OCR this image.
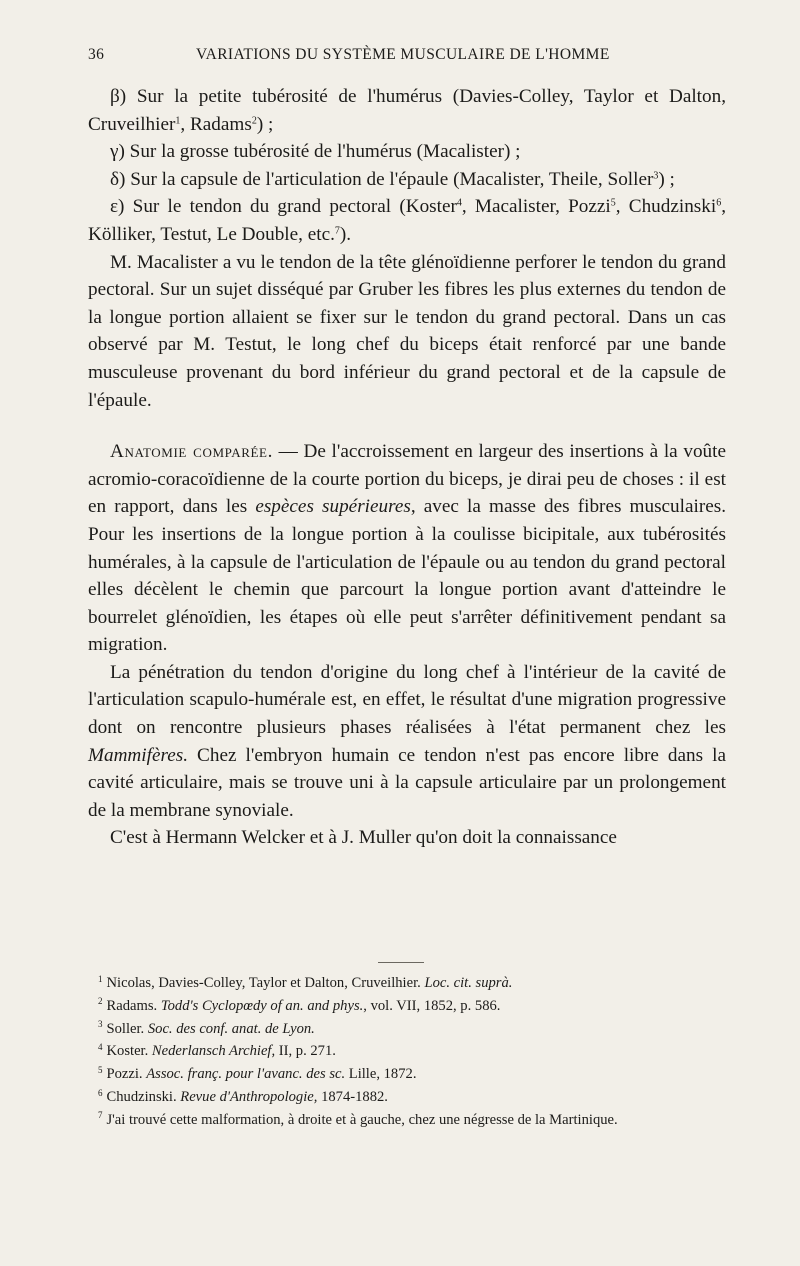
36	VARIATIONS DU SYSTÈME MUSCULAIRE DE L'HOMME

β) Sur la petite tubérosité de l'humérus (Davies-Colley, Taylor et Dalton, Cruveilhier$^1$, Radams$^2$) ;

γ) Sur la grosse tubérosité de l'humérus (Macalister) ;

δ) Sur la capsule de l'articulation de l'épaule (Macalister, Theile, Soller$^3$) ;

ε) Sur le tendon du grand pectoral (Koster$^4$, Macalister, Pozzi$^5$, Chudzinski$^6$, Kölliker, Testut, Le Double, etc.$^7$).

M. Macalister a vu le tendon de la tête glénoïdienne perforer le tendon du grand pectoral. Sur un sujet disséqué par Gruber les fibres les plus externes du tendon de la longue portion allaient se fixer sur le tendon du grand pectoral. Dans un cas observé par M. Testut, le long chef du biceps était renforcé par une bande musculeuse provenant du bord inférieur du grand pectoral et de la capsule de l'épaule.

Anatomie comparée. — De l'accroissement en largeur des insertions à la voûte acromio-coracoïdienne de la courte portion du biceps, je dirai peu de choses : il est en rapport, dans les espèces supérieures, avec la masse des fibres musculaires. Pour les insertions de la longue portion à la coulisse bicipitale, aux tubérosités humérales, à la capsule de l'articulation de l'épaule ou au tendon du grand pectoral elles décèlent le chemin que parcourt la longue portion avant d'atteindre le bourrelet glénoïdien, les étapes où elle peut s'arrêter définitivement pendant sa migration.

La pénétration du tendon d'origine du long chef à l'intérieur de la cavité de l'articulation scapulo-humérale est, en effet, le résultat d'une migration progressive dont on rencontre plusieurs phases réalisées à l'état permanent chez les Mammifères. Chez l'embryon humain ce tendon n'est pas encore libre dans la cavité articulaire, mais se trouve uni à la capsule articulaire par un prolongement de la membrane synoviale.

C'est à Hermann Welcker et à J. Muller qu'on doit la connaissance

$^1$ Nicolas, Davies-Colley, Taylor et Dalton, Cruveilhier. Loc. cit. suprà.
$^2$ Radams. Todd's Cyclopœdy of an. and phys., vol. VII, 1852, p. 586.
$^3$ Soller. Soc. des conf. anat. de Lyon.
$^4$ Koster. Nederlansch Archief, II, p. 271.
$^5$ Pozzi. Assoc. franç. pour l'avanc. des sc. Lille, 1872.
$^6$ Chudzinski. Revue d'Anthropologie, 1874-1882.
$^7$ J'ai trouvé cette malformation, à droite et à gauche, chez une négresse de la Martinique.
